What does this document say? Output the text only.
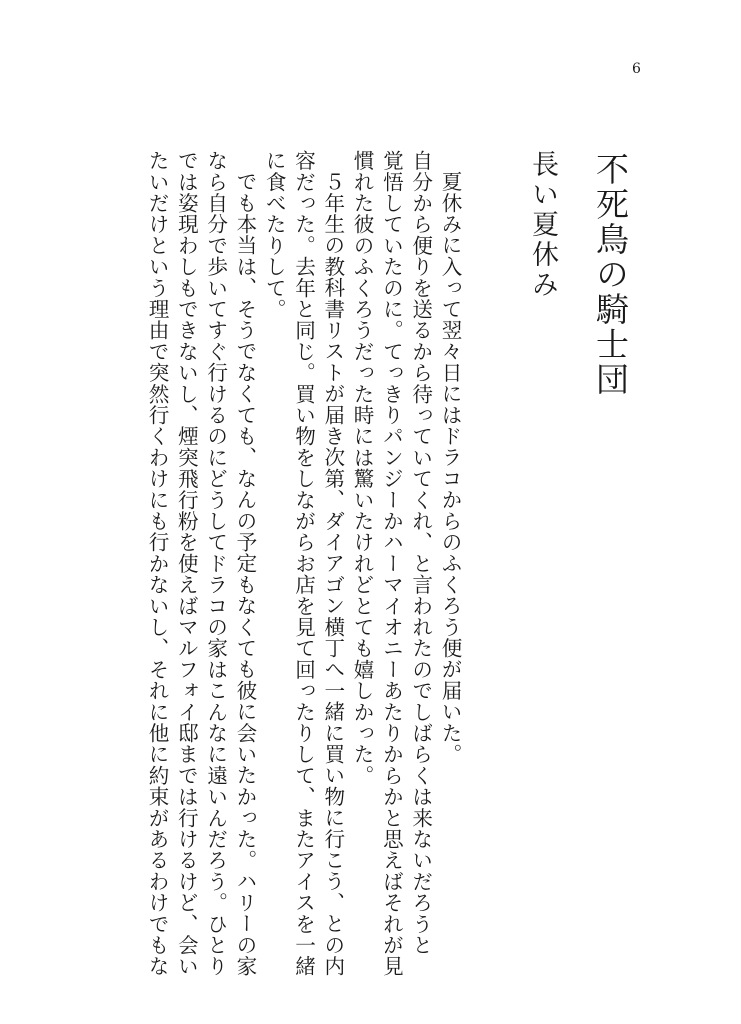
6
不死鳥の騎士団
長い夏休み
夏休みに入って翌々日にはドラコからのふくろう便が届いた。
自分から便りを送るから待っていてくれ、と言われたのでしばらくは来ないだろうと
覚悟していたのに。てっきりパンジーかハーマイオニーあたりからかと思えばそれが見
慣れた彼のふくろうだった時には驚いたけれどとても嬉しかった。
５年生の教科書リストが届き次第、ダイアゴン横丁へ一緒に買い物に行こう、との内
容だった。去年と同じ。買い物をしながらお店を見て回ったりして、またアイスを一緒
に食べたりして。
でも本当は、そうでなくても、なんの予定もなくても彼に会いたかった。ハリーの家
なら自分で歩いてすぐ行けるのにどうしてドラコの家はこんなに遠いんだろう。ひとり
では姿現わしもできないし、煙突飛行粉を使えばマルフォイ邸までは行けるけど、会い
たいだけという理由で突然行くわけにも行かないし、それに他に約束があるわけでもな
